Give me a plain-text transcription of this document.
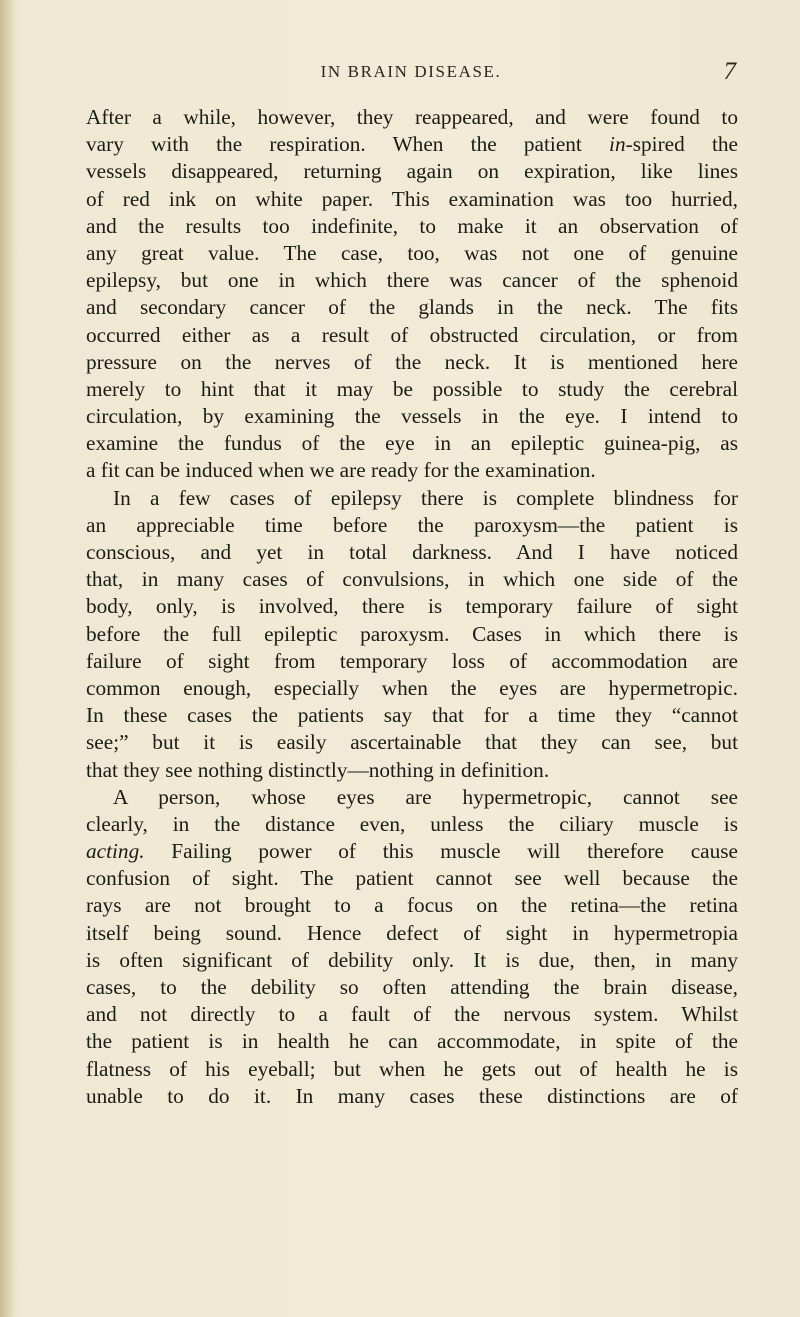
IN BRAIN DISEASE.	7
After a while, however, they reappeared, and were found to
vary with the respiration. When the patient in-spired the
vessels disappeared, returning again on expiration, like lines
of red ink on white paper. This examination was too hurried,
and the results too indefinite, to make it an observation of
any great value. The case, too, was not one of genuine
epilepsy, but one in which there was cancer of the sphenoid
and secondary cancer of the glands in the neck. The fits
occurred either as a result of obstructed circulation, or from
pressure on the nerves of the neck. It is mentioned here
merely to hint that it may be possible to study the cerebral
circulation, by examining the vessels in the eye. I intend to
examine the fundus of the eye in an epileptic guinea-pig, as
a fit can be induced when we are ready for the examination.
In a few cases of epilepsy there is complete blindness for
an appreciable time before the paroxysm—the patient is
conscious, and yet in total darkness. And I have noticed
that, in many cases of convulsions, in which one side of the
body, only, is involved, there is temporary failure of sight
before the full epileptic paroxysm. Cases in which there is
failure of sight from temporary loss of accommodation are
common enough, especially when the eyes are hypermetropic.
In these cases the patients say that for a time they “cannot
see;” but it is easily ascertainable that they can see, but
that they see nothing distinctly—nothing in definition.
A person, whose eyes are hypermetropic, cannot see
clearly, in the distance even, unless the ciliary muscle is
acting. Failing power of this muscle will therefore cause
confusion of sight. The patient cannot see well because the
rays are not brought to a focus on the retina—the retina
itself being sound. Hence defect of sight in hypermetropia
is often significant of debility only. It is due, then, in many
cases, to the debility so often attending the brain disease,
and not directly to a fault of the nervous system. Whilst
the patient is in health he can accommodate, in spite of the
flatness of his eyeball; but when he gets out of health he is
unable to do it. In many cases these distinctions are of
